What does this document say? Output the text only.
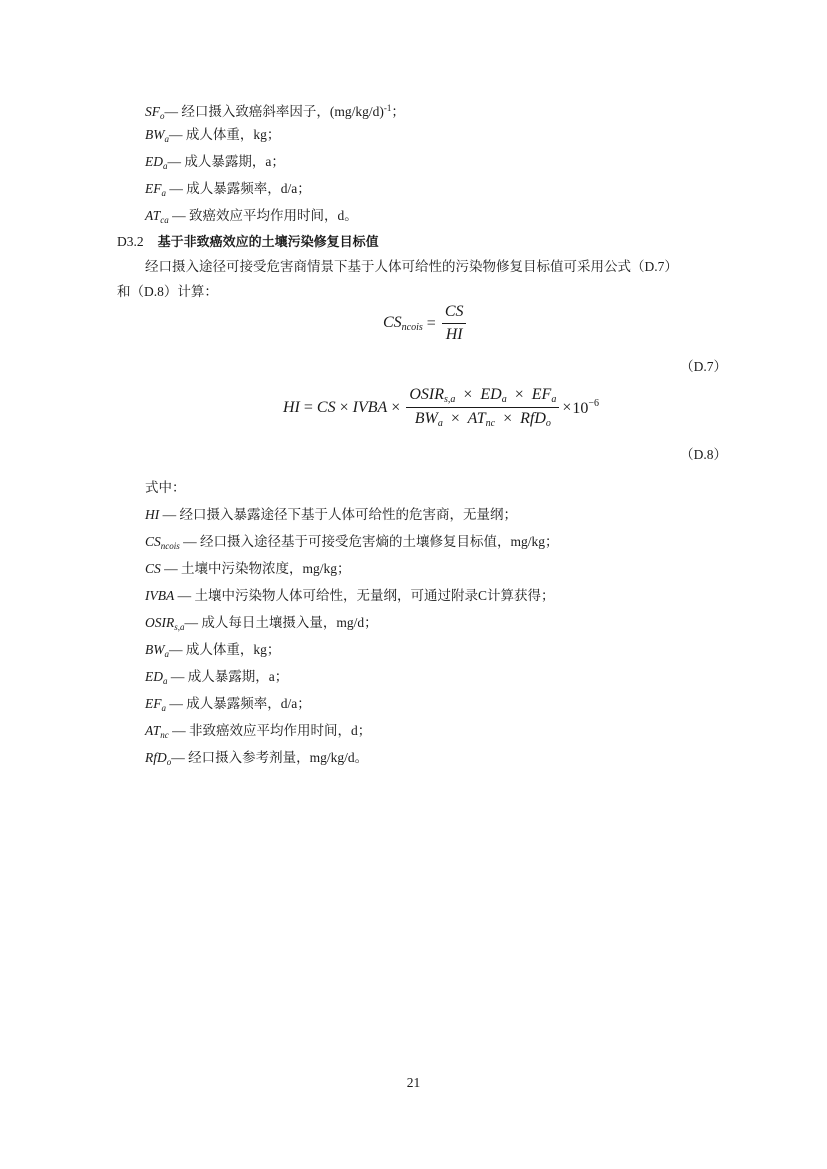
$SF_o—$ 经口摄入致癌斜率因子，$(mg/kg/d)^{-1}$；
$BW_a—$ 成人体重，kg；
$ED_a—$ 成人暴露期，a；
$EF_a$ — 成人暴露频率，d/a；
$AT_{ca}$ — 致癌效应平均作用时间，d。
D3.2 基于非致癌效应的土壤污染修复目标值
经口摄入途径可接受危害商情景下基于人体可给性的污染物修复目标值可采用公式（D.7）
和（D.8）计算：
$CS_{ncois} = \frac{CS}{HI}$
（D.7）
HI = CS × IVBA × $\frac{OSIR_{s,a} \times ED_a \times EF_a}{BW_a \times AT_{nc} \times RfD_o} \times 10^{-6}$
（D.8）
式中：
HI — 经口摄入暴露途径下基于人体可给性的危害商，无量纲；
$CS_{ncois}$ — 经口摄入途径基于可接受危害熵的土壤修复目标值，mg/kg；
CS — 土壤中污染物浓度，mg/kg；
IVBA — 土壤中污染物人体可给性，无量纲，可通过附录C计算获得；
$OSIR_{s,a}—$ 成人每日土壤摄入量，mg/d；
$BW_a—$ 成人体重，kg；
$ED_a$ — 成人暴露期，a；
$EF_a$ — 成人暴露频率，d/a；
$AT_{nc}$ — 非致癌效应平均作用时间，d；
RfD$_o$— 经口摄入参考剂量，mg/kg/d。
21
